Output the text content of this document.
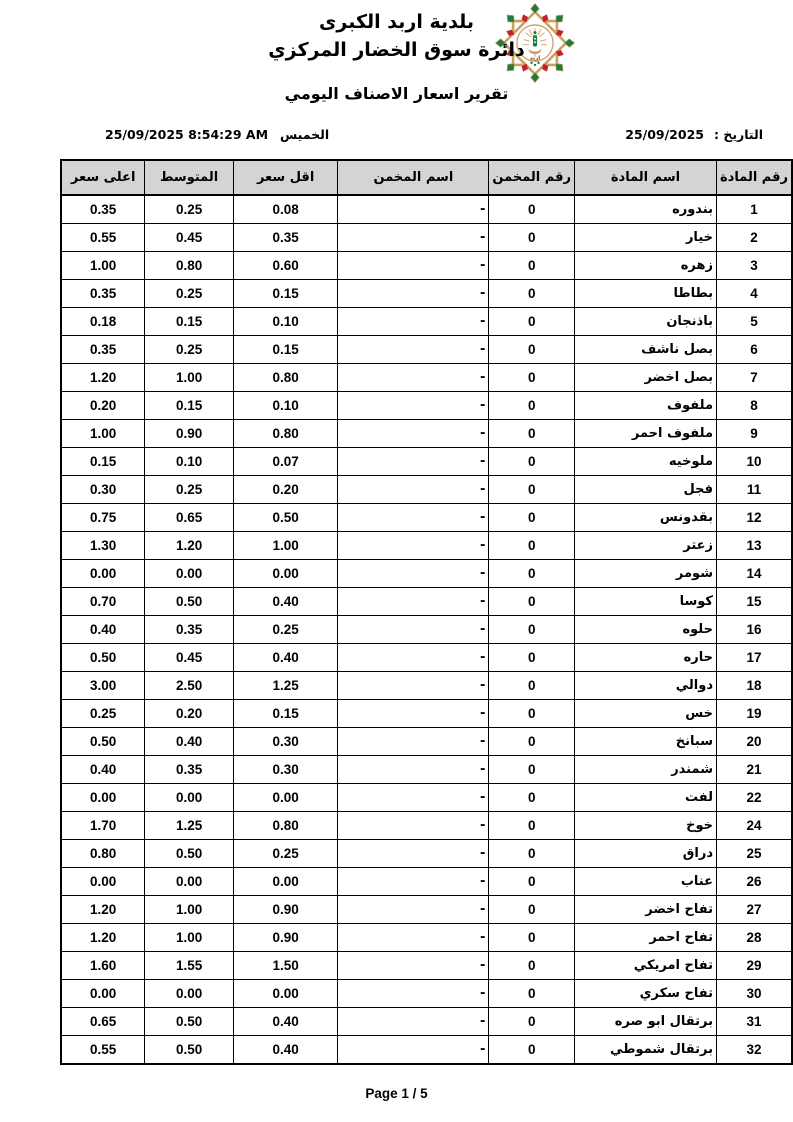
اربد
بلدية اربد الكبرى
دائرة سوق الخضار المركزي
تقرير اسعار الاصناف اليومي
25/09/2025 8:54:29 AM الخميس	التاريخ :
25/09/2025
رقم المادة	اسم المادة	رقم المخمن	اسم المخمن	اقل سعر	المتوسط	اعلى سعر
1	بندوره	0	-	0.08	0.25	0.35
2	خيار	0	-	0.35	0.45	0.55
3	زهره	0	-	0.60	0.80	1.00
4	بطاطا	0	-	0.15	0.25	0.35
5	باذنجان	0	-	0.10	0.15	0.18
6	بصل ناشف	0	-	0.15	0.25	0.35
7	بصل اخضر	0	-	0.80	1.00	1.20
8	ملفوف	0	-	0.10	0.15	0.20
9	ملفوف احمر	0	-	0.80	0.90	1.00
10	ملوخيه	0	-	0.07	0.10	0.15
11	فجل	0	-	0.20	0.25	0.30
12	بقدونس	0	-	0.50	0.65	0.75
13	زعتر	0	-	1.00	1.20	1.30
14	شومر	0	-	0.00	0.00	0.00
15	كوسا	0	-	0.40	0.50	0.70
16	حلوه	0	-	0.25	0.35	0.40
17	حاره	0	-	0.40	0.45	0.50
18	دوالي	0	-	1.25	2.50	3.00
19	خس	0	-	0.15	0.20	0.25
20	سبانخ	0	-	0.30	0.40	0.50
21	شمندر	0	-	0.30	0.35	0.40
22	لفت	0	-	0.00	0.00	0.00
24	خوخ	0	-	0.80	1.25	1.70
25	دراق	0	-	0.25	0.50	0.80
26	عناب	0	-	0.00	0.00	0.00
27	تفاح اخضر	0	-	0.90	1.00	1.20
28	تفاح احمر	0	-	0.90	1.00	1.20
29	تفاح امريكي	0	-	1.50	1.55	1.60
30	تفاح سكري	0	-	0.00	0.00	0.00
31	برتقال ابو صره	0	-	0.40	0.50	0.65
32	برتقال شموطي	0	-	0.40	0.50	0.55
Page 1 / 5
